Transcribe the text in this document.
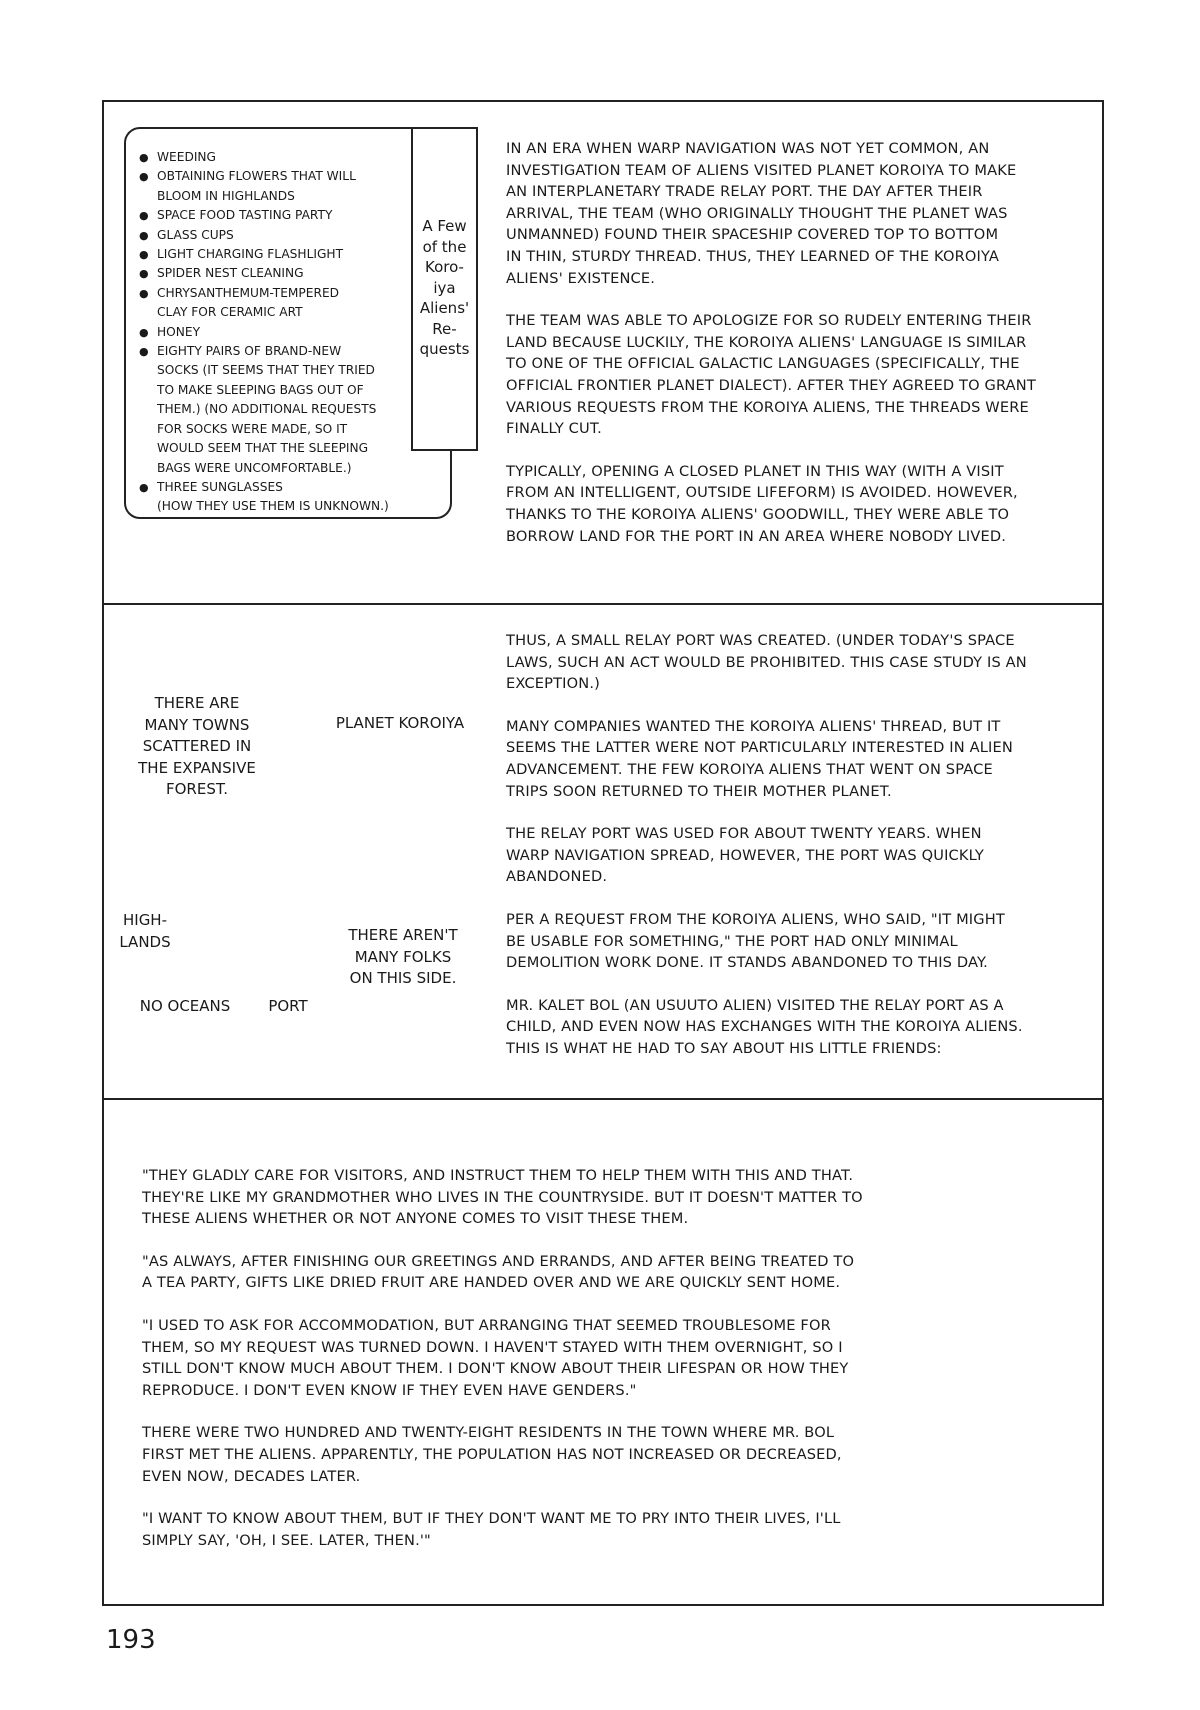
● WEEDING
● OBTAINING FLOWERS THAT WILL
BLOOM IN HIGHLANDS
● SPACE FOOD TASTING PARTY
● GLASS CUPS
● LIGHT CHARGING FLASHLIGHT
● SPIDER NEST CLEANING
● CHRYSANTHEMUM-TEMPERED
CLAY FOR CERAMIC ART
● HONEY
● EIGHTY PAIRS OF BRAND-NEW
SOCKS (IT SEEMS THAT THEY TRIED
TO MAKE SLEEPING BAGS OUT OF
THEM.) (NO ADDITIONAL REQUESTS
FOR SOCKS WERE MADE, SO IT
WOULD SEEM THAT THE SLEEPING
BAGS WERE UNCOMFORTABLE.)
● THREE SUNGLASSES
(HOW THEY USE THEM IS UNKNOWN.)
A Few
of the
Koro-
iya
Aliens'
Re-
quests

IN AN ERA WHEN WARP NAVIGATION WAS NOT YET COMMON, AN
INVESTIGATION TEAM OF ALIENS VISITED PLANET KOROIYA TO MAKE
AN INTERPLANETARY TRADE RELAY PORT. THE DAY AFTER THEIR
ARRIVAL, THE TEAM (WHO ORIGINALLY THOUGHT THE PLANET WAS
UNMANNED) FOUND THEIR SPACESHIP COVERED TOP TO BOTTOM
IN THIN, STURDY THREAD. THUS, THEY LEARNED OF THE KOROIYA
ALIENS' EXISTENCE.

THE TEAM WAS ABLE TO APOLOGIZE FOR SO RUDELY ENTERING THEIR
LAND BECAUSE LUCKILY, THE KOROIYA ALIENS' LANGUAGE IS SIMILAR
TO ONE OF THE OFFICIAL GALACTIC LANGUAGES (SPECIFICALLY, THE
OFFICIAL FRONTIER PLANET DIALECT). AFTER THEY AGREED TO GRANT
VARIOUS REQUESTS FROM THE KOROIYA ALIENS, THE THREADS WERE
FINALLY CUT.

TYPICALLY, OPENING A CLOSED PLANET IN THIS WAY (WITH A VISIT
FROM AN INTELLIGENT, OUTSIDE LIFEFORM) IS AVOIDED. HOWEVER,
THANKS TO THE KOROIYA ALIENS' GOODWILL, THEY WERE ABLE TO
BORROW LAND FOR THE PORT IN AN AREA WHERE NOBODY LIVED.

THERE ARE
MANY TOWNS
SCATTERED IN
THE EXPANSIVE
FOREST.
PLANET KOROIYA
HIGH-
LANDS	THERE AREN'T
MANY FOLKS
ON THIS SIDE.
NO OCEANS	PORT

THUS, A SMALL RELAY PORT WAS CREATED. (UNDER TODAY'S SPACE
LAWS, SUCH AN ACT WOULD BE PROHIBITED. THIS CASE STUDY IS AN
EXCEPTION.)

MANY COMPANIES WANTED THE KOROIYA ALIENS' THREAD, BUT IT
SEEMS THE LATTER WERE NOT PARTICULARLY INTERESTED IN ALIEN
ADVANCEMENT. THE FEW KOROIYA ALIENS THAT WENT ON SPACE
TRIPS SOON RETURNED TO THEIR MOTHER PLANET.

THE RELAY PORT WAS USED FOR ABOUT TWENTY YEARS. WHEN
WARP NAVIGATION SPREAD, HOWEVER, THE PORT WAS QUICKLY
ABANDONED.

PER A REQUEST FROM THE KOROIYA ALIENS, WHO SAID, "IT MIGHT
BE USABLE FOR SOMETHING," THE PORT HAD ONLY MINIMAL
DEMOLITION WORK DONE. IT STANDS ABANDONED TO THIS DAY.

MR. KALET BOL (AN USUUTO ALIEN) VISITED THE RELAY PORT AS A
CHILD, AND EVEN NOW HAS EXCHANGES WITH THE KOROIYA ALIENS.
THIS IS WHAT HE HAD TO SAY ABOUT HIS LITTLE FRIENDS:

"THEY GLADLY CARE FOR VISITORS, AND INSTRUCT THEM TO HELP THEM WITH THIS AND THAT.
THEY'RE LIKE MY GRANDMOTHER WHO LIVES IN THE COUNTRYSIDE. BUT IT DOESN'T MATTER TO
THESE ALIENS WHETHER OR NOT ANYONE COMES TO VISIT THESE THEM.

"AS ALWAYS, AFTER FINISHING OUR GREETINGS AND ERRANDS, AND AFTER BEING TREATED TO
A TEA PARTY, GIFTS LIKE DRIED FRUIT ARE HANDED OVER AND WE ARE QUICKLY SENT HOME.

"I USED TO ASK FOR ACCOMMODATION, BUT ARRANGING THAT SEEMED TROUBLESOME FOR
THEM, SO MY REQUEST WAS TURNED DOWN. I HAVEN'T STAYED WITH THEM OVERNIGHT, SO I
STILL DON'T KNOW MUCH ABOUT THEM. I DON'T KNOW ABOUT THEIR LIFESPAN OR HOW THEY
REPRODUCE. I DON'T EVEN KNOW IF THEY EVEN HAVE GENDERS."

THERE WERE TWO HUNDRED AND TWENTY-EIGHT RESIDENTS IN THE TOWN WHERE MR. BOL
FIRST MET THE ALIENS. APPARENTLY, THE POPULATION HAS NOT INCREASED OR DECREASED,
EVEN NOW, DECADES LATER.

"I WANT TO KNOW ABOUT THEM, BUT IF THEY DON'T WANT ME TO PRY INTO THEIR LIVES, I'LL
SIMPLY SAY, 'OH, I SEE. LATER, THEN.'"

193
